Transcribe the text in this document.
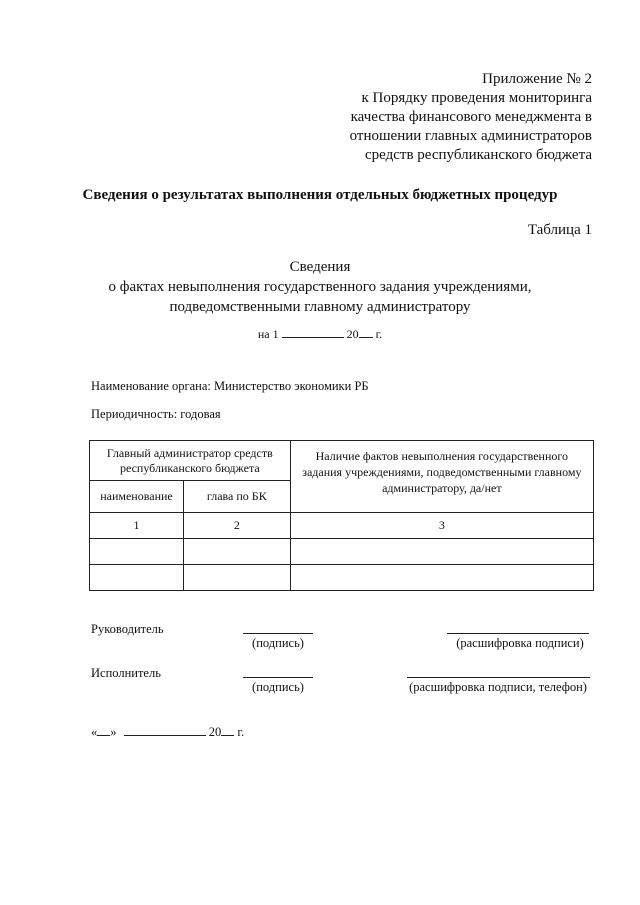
Приложение № 2
к Порядку проведения мониторинга
качества финансового менеджмента в
отношении главных администраторов
средств республиканского бюджета
Сведения о результатах выполнения отдельных бюджетных процедур
Таблица 1
Сведения
о фактах невыполнения государственного задания учреждениями,
подведомственными главному администратору
на 1	20 г.
Наименование органа: Министерство экономики РБ
Периодичность: годовая
Главный администратор средств республиканского бюджета		Наличие фактов невыполнения государственного задания учреждениями, подведомственными главному администратору, да/нет
наименование	глава по БК	
1	2	3

Руководитель
(подпись)	(расшифровка подписи)
Исполнитель
(подпись)	(расшифровка подписи, телефон)
« »	20 г.
